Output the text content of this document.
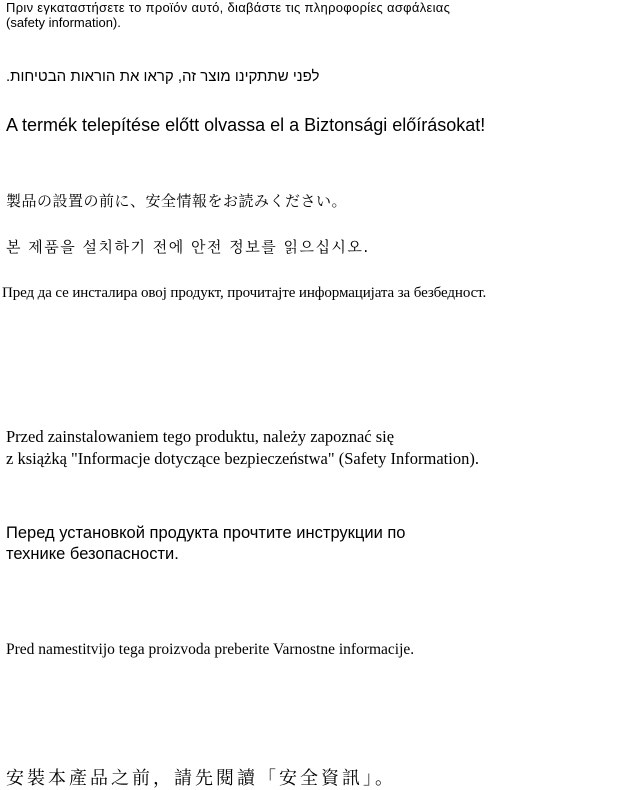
Πριν εγκαταστήσετε το προϊόν αυτό, διαβάστε τις πληροφορίες ασφάλειας

(safety information).

לפני שתתקינו מוצר זה, קראו את הוראות הבטיחות.

A termék telepítése előtt olvassa el a Biztonsági előírásokat!

製品の設置の前に、安全情報をお読みください。

본 제품을 설치하기 전에 안전 정보를 읽으십시오.

Пред да се инсталира овој продукт, прочитајте информацијата за безбедност.

Przed zainstalowaniem tego produktu, należy zapoznać się

z książką "Informacje dotyczące bezpieczeństwa" (Safety Information).

Перед установкой продукта прочтите инструкции по

технике безопасности.

Pred namestitvijo tega proizvoda preberite Varnostne informacije.

安裝本產品之前，請先閱讀「安全資訊」。
